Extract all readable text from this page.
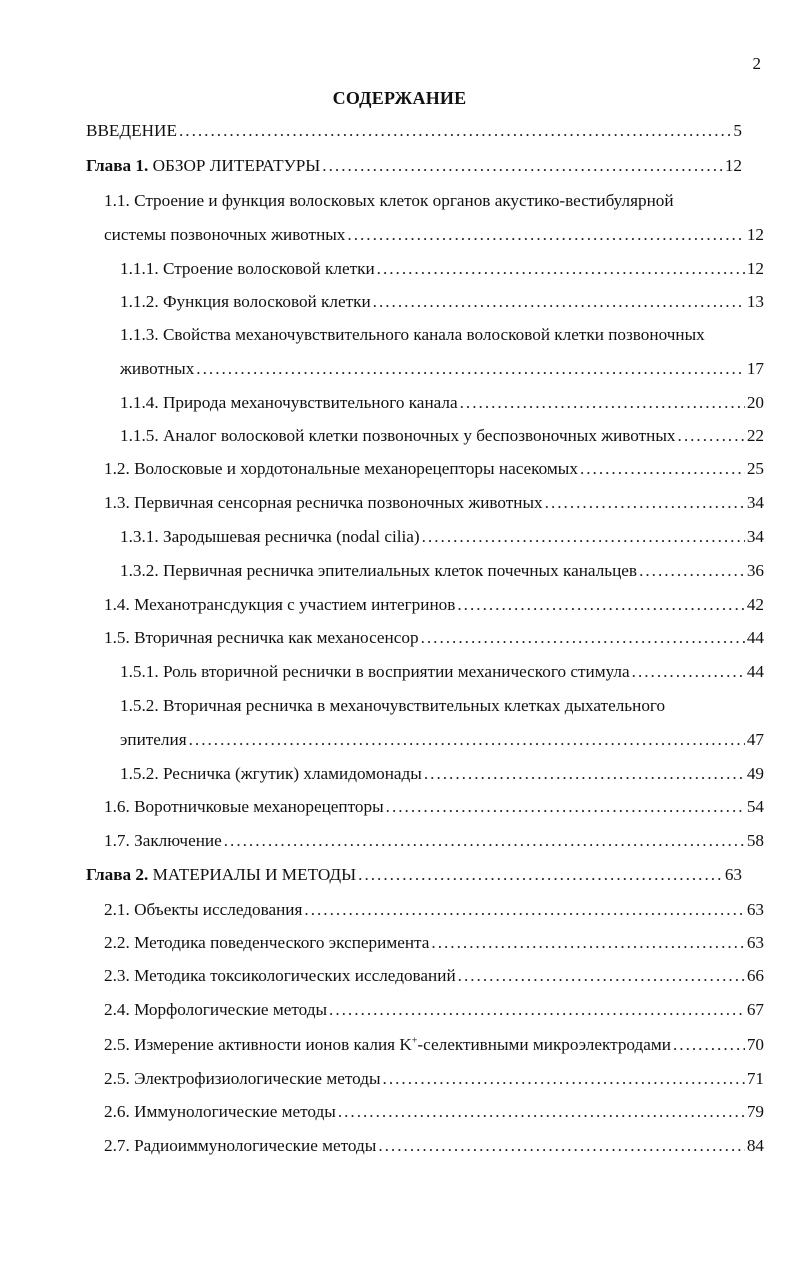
2
СОДЕРЖАНИЕ
ВВЕДЕНИЕ .....	5
Глава 1. ОБЗОР ЛИТЕРАТУРЫ .....	12
1.1. Строение и функция волосковых клеток органов акустико-вестибулярной
системы позвоночных животных .....	12
1.1.1. Строение волосковой клетки .....	12
1.1.2. Функция волосковой клетки .....	13
1.1.3. Свойства механочувствительного канала волосковой клетки позвоночных
животных .....	17
1.1.4. Природа механочувствительного канала .....	20
1.1.5. Аналог волосковой клетки позвоночных у беспозвоночных животных .....	22
1.2. Волосковые и хордотональные механорецепторы насекомых .....	25
1.3. Первичная сенсорная ресничка позвоночных животных .....	34
1.3.1. Зародышевая ресничка (nodal cilia) .....	34
1.3.2. Первичная ресничка эпителиальных клеток почечных канальцев .....	36
1.4. Механотрансдукция с участием интегринов .....	42
1.5. Вторичная ресничка как механосенсор .....	44
1.5.1. Роль вторичной реснички в восприятии механического стимула .....	44
1.5.2. Вторичная ресничка в механочувствительных клетках дыхательного
эпителия .....	47
1.5.2. Ресничка (жгутик) хламидомонады .....	49
1.6. Воротничковые механорецепторы .....	54
1.7. Заключение .....	58
Глава 2. МАТЕРИАЛЫ И МЕТОДЫ .....	63
2.1. Объекты исследования .....	63
2.2. Методика поведенческого эксперимента .....	63
2.3. Методика токсикологических исследований .....	66
2.4. Морфологические методы .....	67
2.5. Измерение активности ионов калия K+-селективными микроэлектродами .....	70
2.5. Электрофизиологические методы .....	71
2.6. Иммунологические методы .....	79
2.7. Радиоиммунологические методы .....	84
